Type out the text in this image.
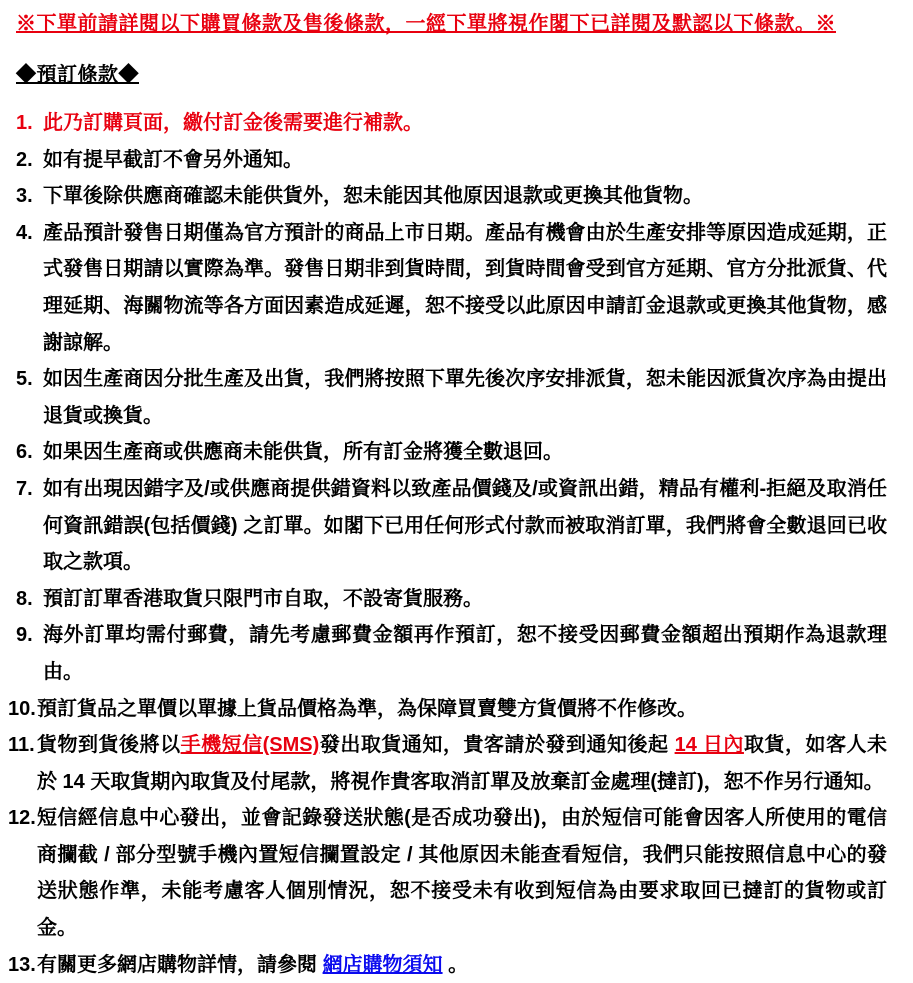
※下單前請詳閱以下購買條款及售後條款，一經下單將視作閣下已詳閱及默認以下條款。※
◆預訂條款◆
1. 此乃訂購頁面，繳付訂金後需要進行補款。
2. 如有提早截訂不會另外通知。
3. 下單後除供應商確認未能供貨外，恕未能因其他原因退款或更換其他貨物。
4. 產品預計發售日期僅為官方預計的商品上市日期。產品有機會由於生產安排等原因造成延期，正式發售日期請以實際為準。發售日期非到貨時間，到貨時間會受到官方延期、官方分批派貨、代理延期、海關物流等各方面因素造成延遲，恕不接受以此原因申請訂金退款或更換其他貨物，感謝諒解。
5. 如因生產商因分批生產及出貨，我們將按照下單先後次序安排派貨，恕未能因派貨次序為由提出退貨或換貨。
6. 如果因生產商或供應商未能供貨，所有訂金將獲全數退回。
7. 如有出現因錯字及/或供應商提供錯資料以致產品價錢及/或資訊出錯，精品有權利-拒絕及取消任何資訊錯誤(包括價錢) 之訂單。如閣下已用任何形式付款而被取消訂單，我們將會全數退回已收取之款項。
8. 預訂訂單香港取貨只限門市自取，不設寄貨服務。
9. 海外訂單均需付郵費，請先考慮郵費金額再作預訂，恕不接受因郵費金額超出預期作為退款理由。
10. 預訂貨品之單價以單據上貨品價格為準，為保障買賣雙方貨價將不作修改。
11. 貨物到貨後將以手機短信(SMS)發出取貨通知，貴客請於發到通知後起 14 日內取貨，如客人未於 14 天取貨期內取貨及付尾款，將視作貴客取消訂單及放棄訂金處理(撻訂)，恕不作另行通知。
12. 短信經信息中心發出，並會記錄發送狀態(是否成功發出)，由於短信可能會因客人所使用的電信商攔截 / 部分型號手機內置短信攔置設定 / 其他原因未能查看短信，我們只能按照信息中心的發送狀態作準，未能考慮客人個別情況，恕不接受未有收到短信為由要求取回已撻訂的貨物或訂金。
13. 有關更多網店購物詳情，請參閱 網店購物須知 。
